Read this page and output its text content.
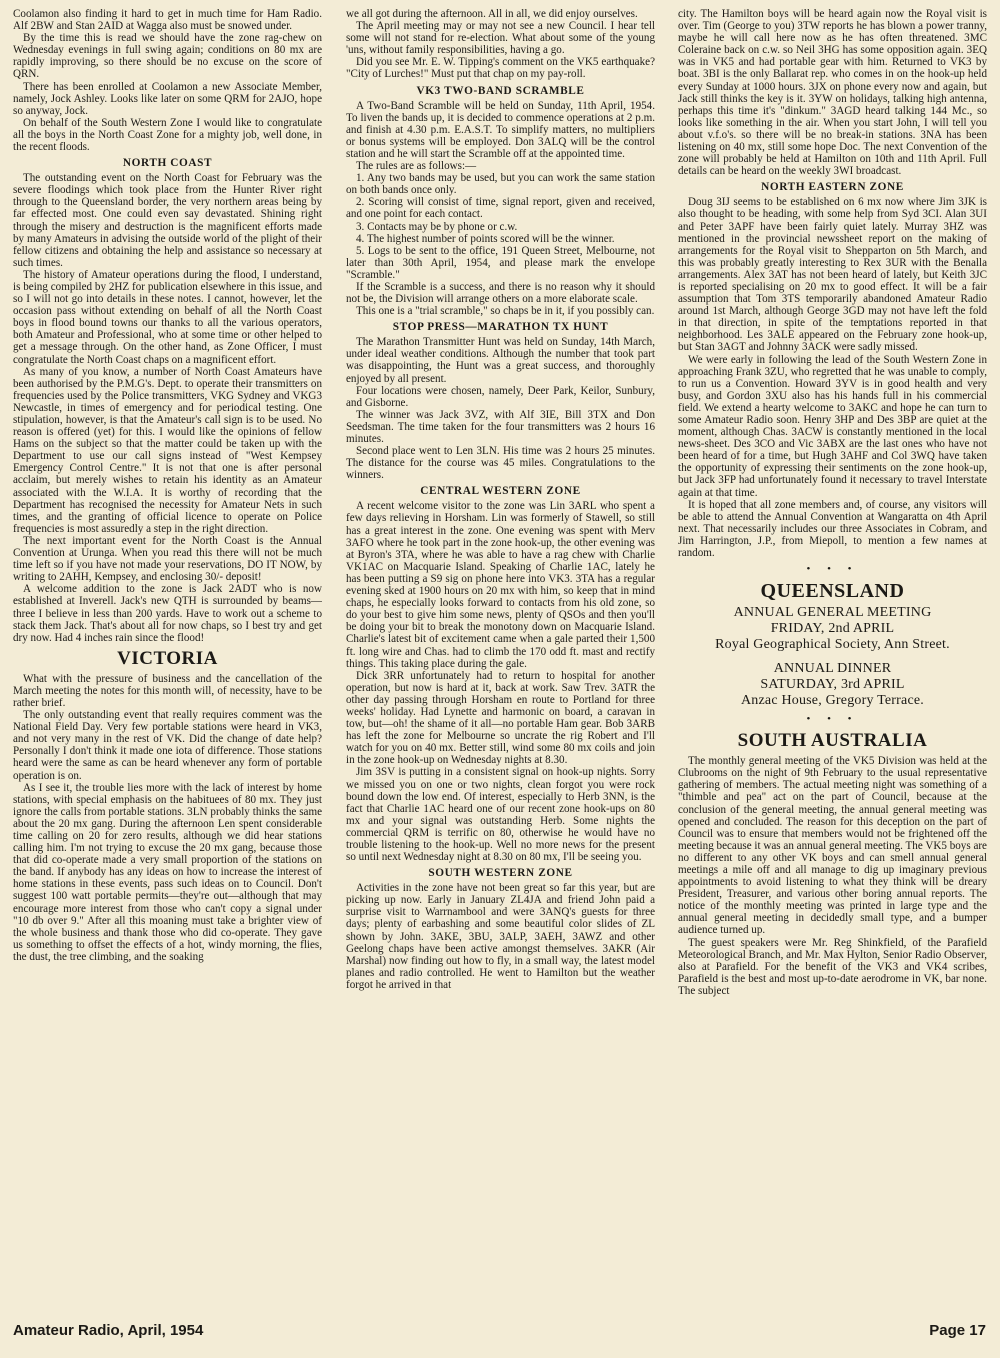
Coolamon also finding it hard to get in much time for Ham Radio. Alf 2BW and Stan 2AID at Wagga also must be snowed under.

By the time this is read we should have the zone rag-chew on Wednesday evenings in full swing again; conditions on 80 mx are rapidly improving, so there should be no excuse on the score of QRN.

There has been enrolled at Coolamon a new Associate Member, namely, Jock Ashley. Looks like later on some QRM for 2AJO, hope so anyway, Jock.

On behalf of the South Western Zone I would like to congratulate all the boys in the North Coast Zone for a mighty job, well done, in the recent floods.

NORTH COAST

The outstanding event on the North Coast for February was the severe floodings which took place from the Hunter River right through to the Queensland border, the very northern areas being by far effected most. One could even say devastated. Shining right through the misery and destruction is the magnificent efforts made by many Amateurs in advising the outside world of the plight of their fellow citizens and obtaining the help and assistance so necessary at such times.

The history of Amateur operations during the flood, I understand, is being compiled by 2HZ for publication elsewhere in this issue, and so I will not go into details in these notes. I cannot, however, let the occasion pass without extending on behalf of all the North Coast boys in flood bound towns our thanks to all the various operators, both Amateur and Professional, who at some time or other helped to get a message through. On the other hand, as Zone Officer, I must congratulate the North Coast chaps on a magnificent effort.

As many of you know, a number of North Coast Amateurs have been authorised by the P.M.G's. Dept. to operate their transmitters on frequencies used by the Police transmitters, VKG Sydney and VKG3 Newcastle, in times of emergency and for periodical testing. One stipulation, however, is that the Amateur's call sign is to be used. No reason is offered (yet) for this. I would like the opinions of fellow Hams on the subject so that the matter could be taken up with the Department to use our call signs instead of "West Kempsey Emergency Control Centre." It is not that one is after personal acclaim, but merely wishes to retain his identity as an Amateur associated with the W.I.A. It is worthy of recording that the Department has recognised the necessity for Amateur Nets in such times, and the granting of official licence to operate on Police frequencies is most assuredly a step in the right direction.

The next important event for the North Coast is the Annual Convention at Urunga. When you read this there will not be much time left so if you have not made your reservations, DO IT NOW, by writing to 2AHH, Kempsey, and enclosing 30/- deposit!

A welcome addition to the zone is Jack 2ADT who is now established at Inverell. Jack's new QTH is surrounded by beams—three I believe in less than 200 yards. Have to work out a scheme to stack them Jack. That's about all for now chaps, so I best try and get dry now. Had 4 inches rain since the flood!

VICTORIA

What with the pressure of business and the cancellation of the March meeting the notes for this month will, of necessity, have to be rather brief.

The only outstanding event that really requires comment was the National Field Day. Very few portable stations were heard in VK3, and not very many in the rest of VK. Did the change of date help? Personally I don't think it made one iota of difference. Those stations heard were the same as can be heard whenever any form of portable operation is on.

As I see it, the trouble lies more with the lack of interest by home stations, with special emphasis on the habituees of 80 mx. They just ignore the calls from portable stations. 3LN probably thinks the same about the 20 mx gang. During the afternoon Len spent considerable time calling on 20 for zero results, although we did hear stations calling him. I'm not trying to excuse the 20 mx gang, because those that did co-operate made a very small proportion of the stations on the band. If anybody has any ideas on how to increase the interest of home stations in these events, pass such ideas on to Council. Don't suggest 100 watt portable permits—they're out—although that may encourage more interest from those who can't copy a signal under "10 db over 9." After all this moaning must take a brighter view of the whole business and thank those who did co-operate. They gave us something to offset the effects of a hot, windy morning, the flies, the dust, the tree climbing, and the soaking

we all got during the afternoon. All in all, we did enjoy ourselves.

The April meeting may or may not see a new Council. I hear tell some will not stand for re-election. What about some of the young 'uns, without family responsibilities, having a go.

Did you see Mr. E. W. Tipping's comment on the VK5 earthquake? "City of Lurches!" Must put that chap on my pay-roll.

VK3 TWO-BAND SCRAMBLE

A Two-Band Scramble will be held on Sunday, 11th April, 1954. To liven the bands up, it is decided to commence operations at 2 p.m. and finish at 4.30 p.m. E.A.S.T. To simplify matters, no multipliers or bonus systems will be employed. Don 3ALQ will be the control station and he will start the Scramble off at the appointed time.

The rules are as follows:—

1. Any two bands may be used, but you can work the same station on both bands once only.

2. Scoring will consist of time, signal report, given and received, and one point for each contact.

3. Contacts may be by phone or c.w.

4. The highest number of points scored will be the winner.

5. Logs to be sent to the office, 191 Queen Street, Melbourne, not later than 30th April, 1954, and please mark the envelope "Scramble."

If the Scramble is a success, and there is no reason why it should not be, the Division will arrange others on a more elaborate scale.

This one is a "trial scramble," so chaps be in it, if you possibly can.

STOP PRESS—MARATHON TX HUNT

The Marathon Transmitter Hunt was held on Sunday, 14th March, under ideal weather conditions. Although the number that took part was disappointing, the Hunt was a great success, and thoroughly enjoyed by all present.

Four locations were chosen, namely, Deer Park, Keilor, Sunbury, and Gisborne.

The winner was Jack 3VZ, with Alf 3IE, Bill 3TX and Don Seedsman. The time taken for the four transmitters was 2 hours 16 minutes.

Second place went to Len 3LN. His time was 2 hours 25 minutes. The distance for the course was 45 miles. Congratulations to the winners.

CENTRAL WESTERN ZONE

A recent welcome visitor to the zone was Lin 3ARL who spent a few days relieving in Horsham. Lin was formerly of Stawell, so still has a great interest in the zone. One evening was spent with Merv 3AFO where he took part in the zone hook-up, the other evening was at Byron's 3TA, where he was able to have a rag chew with Charlie VK1AC on Macquarie Island. Speaking of Charlie 1AC, lately he has been putting a S9 sig on phone here into VK3. 3TA has a regular evening sked at 1900 hours on 20 mx with him, so keep that in mind chaps, he especially looks forward to contacts from his old zone, so do your best to give him some news, plenty of QSOs and then you'll be doing your bit to break the monotony down on Macquarie Island. Charlie's latest bit of excitement came when a gale parted their 1,500 ft. long wire and Chas. had to climb the 170 odd ft. mast and rectify things. This taking place during the gale.

Dick 3RR unfortunately had to return to hospital for another operation, but now is hard at it, back at work. Saw Trev. 3ATR the other day passing through Horsham en route to Portland for three weeks' holiday. Had Lynette and harmonic on board, a caravan in tow, but—oh! the shame of it all—no portable Ham gear. Bob 3ARB has left the zone for Melbourne so uncrate the rig Robert and I'll watch for you on 40 mx. Better still, wind some 80 mx coils and join in the zone hook-up on Wednesday nights at 8.30.

Jim 3SV is putting in a consistent signal on hook-up nights. Sorry we missed you on one or two nights, clean forgot you were rock bound down the low end. Of interest, especially to Herb 3NN, is the fact that Charlie 1AC heard one of our recent zone hook-ups on 80 mx and your signal was outstanding Herb. Some nights the commercial QRM is terrific on 80, otherwise he would have no trouble listening to the hook-up. Well no more news for the present so until next Wednesday night at 8.30 on 80 mx, I'll be seeing you.

SOUTH WESTERN ZONE

Activities in the zone have not been great so far this year, but are picking up now. Early in January ZL4JA and friend John paid a surprise visit to Warrnambool and were 3ANQ's guests for three days; plenty of earbashing and some beautiful color slides of ZL shown by John. 3AKE, 3BU, 3ALP, 3AEH, 3AWZ and other Geelong chaps have been active amongst themselves. 3AKR (Air Marshal) now finding out how to fly, in a small way, the latest model planes and radio controlled. He went to Hamilton but the weather forgot he arrived in that

city. The Hamilton boys will be heard again now the Royal visit is over. Tim (George to you) 3TW reports he has blown a power tranny, maybe he will call here now as he has often threatened. 3MC Coleraine back on c.w. so Neil 3HG has some opposition again. 3EQ was in VK5 and had portable gear with him. Returned to VK3 by boat. 3BI is the only Ballarat rep. who comes in on the hook-up held every Sunday at 1000 hours. 3JX on phone every now and again, but Jack still thinks the key is it. 3YW on holidays, talking high antenna, perhaps this time it's "dinkum." 3AGD heard talking 144 Mc., so looks like something in the air. When you start John, I will tell you about v.f.o's. so there will be no break-in stations. 3NA has been listening on 40 mx, still some hope Doc. The next Convention of the zone will probably be held at Hamilton on 10th and 11th April. Full details can be heard on the weekly 3WI broadcast.

NORTH EASTERN ZONE

Doug 3IJ seems to be established on 6 mx now where Jim 3JK is also thought to be heading, with some help from Syd 3CI. Alan 3UI and Peter 3APF have been fairly quiet lately. Murray 3HZ was mentioned in the provincial newssheet report on the making of arrangements for the Royal visit to Shepparton on 5th March, and this was probably greatly interesting to Rex 3UR with the Benalla arrangements. Alex 3AT has not been heard of lately, but Keith 3JC is reported specialising on 20 mx to good effect. It will be a fair assumption that Tom 3TS temporarily abandoned Amateur Radio around 1st March, although George 3GD may not have left the fold in that direction, in spite of the temptations reported in that neighborhood. Les 3ALE appeared on the February zone hook-up, but Stan 3AGT and Johnny 3ACK were sadly missed.

We were early in following the lead of the South Western Zone in approaching Frank 3ZU, who regretted that he was unable to comply, to run us a Convention. Howard 3YV is in good health and very busy, and Gordon 3XU also has his hands full in his commercial field. We extend a hearty welcome to 3AKC and hope he can turn to some Amateur Radio soon. Henry 3HP and Des 3BP are quiet at the moment, although Chas. 3ACW is constantly mentioned in the local news-sheet. Des 3CO and Vic 3ABX are the last ones who have not been heard of for a time, but Hugh 3AHF and Col 3WQ have taken the opportunity of expressing their sentiments on the zone hook-up, but Jack 3FP had unfortunately found it necessary to travel Interstate again at that time.

It is hoped that all zone members and, of course, any visitors will be able to attend the Annual Convention at Wangaratta on 4th April next. That necessarily includes our three Associates in Cobram, and Jim Harrington, J.P., from Miepoll, to mention a few names at random.

• • •
QUEENSLAND
ANNUAL GENERAL MEETING
FRIDAY, 2nd APRIL
Royal Geographical Society, Ann Street.
ANNUAL DINNER
SATURDAY, 3rd APRIL
Anzac House, Gregory Terrace.
• • •
SOUTH AUSTRALIA

The monthly general meeting of the VK5 Division was held at the Clubrooms on the night of 9th February to the usual representative gathering of members. The actual meeting night was something of a "thimble and pea" act on the part of Council, because at the conclusion of the general meeting, the annual general meeting was opened and concluded. The reason for this deception on the part of Council was to ensure that members would not be frightened off the meeting because it was an annual general meeting. The VK5 boys are no different to any other VK boys and can smell annual general meetings a mile off and all manage to dig up imaginary previous appointments to avoid listening to what they think will be dreary President, Treasurer, and various other boring annual reports. The notice of the monthly meeting was printed in large type and the annual general meeting in decidedly small type, and a bumper audience turned up.

The guest speakers were Mr. Reg Shinkfield, of the Parafield Meteorological Branch, and Mr. Max Hylton, Senior Radio Observer, also at Parafield. For the benefit of the VK3 and VK4 scribes, Parafield is the best and most up-to-date aerodrome in VK, bar none. The subject

Amateur Radio, April, 1954	Page 17
